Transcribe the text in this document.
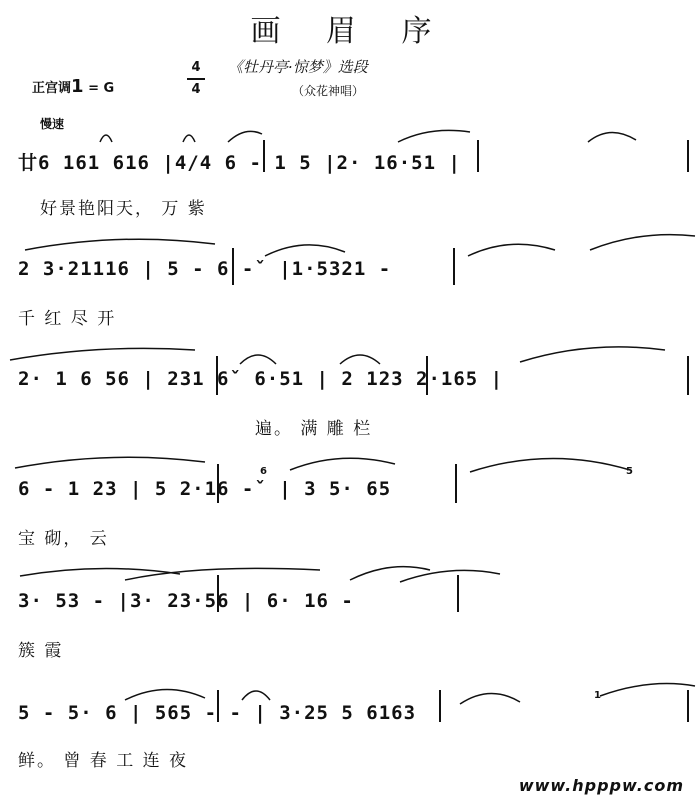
画 眉 序
《牡丹亭·惊梦》选段
（众花神唱）
正宫调1 = G
4
4
慢速
廿6 161 616 |4/4 6 - 1 5 |2· 16·51 |
好景艳阳天， 万 紫
2 3·21116 | 5 - 6 -ˇ |1·5321 -
千 红 尽 开
2· 1 6 56 | 231 6ˇ 6·51 | 2 123 2·165 |
遍。 满 雕 栏
6 - 1 23 | 5 2·16 -ˇ | 3 5· 65
6	5
宝 砌， 云
3· 53 - |3· 23·56 | 6· 16 -
簇 霞
5 - 5· 6 | 565 - - | 3·25 5 6163
1
鲜。 曾 春 工 连 夜
www.hpppw.com
